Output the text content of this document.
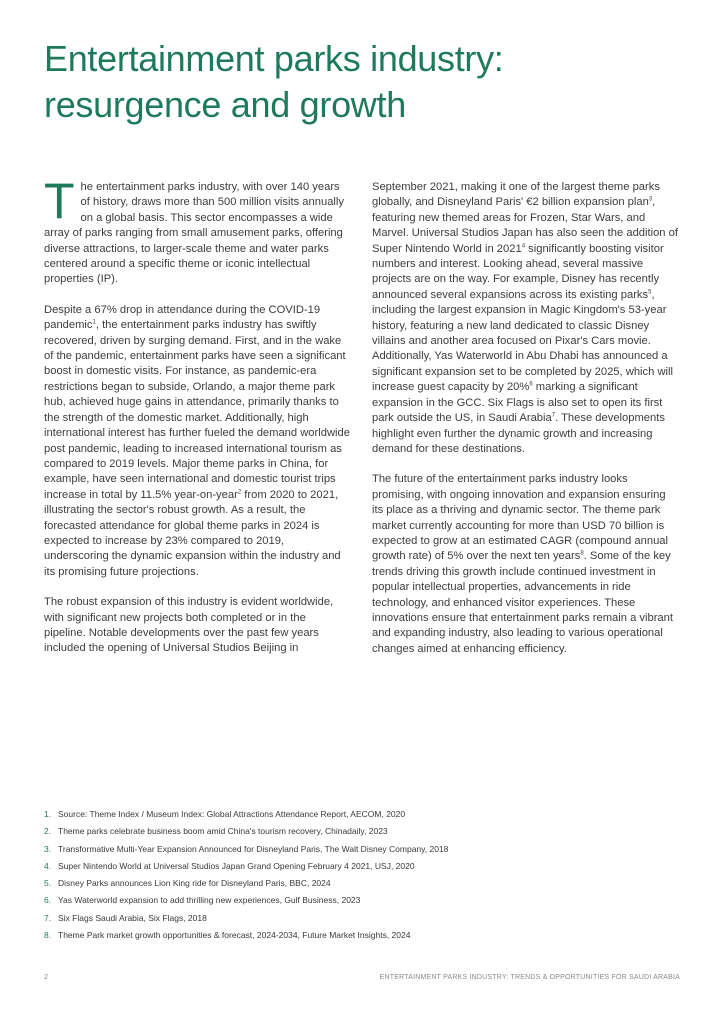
Entertainment parks industry:
resurgence and growth

The entertainment parks industry, with over 140 years of history, draws more than 500 million visits annually on a global basis. This sector encompasses a wide array of parks ranging from small amusement parks, offering diverse attractions, to larger-scale theme and water parks centered around a specific theme or iconic intellectual properties (IP).

Despite a 67% drop in attendance during the COVID-19 pandemic$^1$, the entertainment parks industry has swiftly recovered, driven by surging demand. First, and in the wake of the pandemic, entertainment parks have seen a significant boost in domestic visits. For instance, as pandemic-era restrictions began to subside, Orlando, a major theme park hub, achieved huge gains in attendance, primarily thanks to the strength of the domestic market. Additionally, high international interest has further fueled the demand worldwide post pandemic, leading to increased international tourism as compared to 2019 levels. Major theme parks in China, for example, have seen international and domestic tourist trips increase in total by 11.5% year-on-year$^2$ from 2020 to 2021, illustrating the sector's robust growth. As a result, the forecasted attendance for global theme parks in 2024 is expected to increase by 23% compared to 2019, underscoring the dynamic expansion within the industry and its promising future projections.

The robust expansion of this industry is evident worldwide, with significant new projects both completed or in the pipeline. Notable developments over the past few years included the opening of Universal Studios Beijing in

September 2021, making it one of the largest theme parks globally, and Disneyland Paris' €2 billion expansion plan$^3$, featuring new themed areas for Frozen, Star Wars, and Marvel. Universal Studios Japan has also seen the addition of Super Nintendo World in 2021$^4$ significantly boosting visitor numbers and interest. Looking ahead, several massive projects are on the way. For example, Disney has recently announced several expansions across its existing parks$^5$, including the largest expansion in Magic Kingdom's 53-year history, featuring a new land dedicated to classic Disney villains and another area focused on Pixar's Cars movie. Additionally, Yas Waterworld in Abu Dhabi has announced a significant expansion set to be completed by 2025, which will increase guest capacity by 20%$^6$ marking a significant expansion in the GCC. Six Flags is also set to open its first park outside the US, in Saudi Arabia$^7$. These developments highlight even further the dynamic growth and increasing demand for these destinations.

The future of the entertainment parks industry looks promising, with ongoing innovation and expansion ensuring its place as a thriving and dynamic sector. The theme park market currently accounting for more than USD 70 billion is expected to grow at an estimated CAGR (compound annual growth rate) of 5% over the next ten years$^8$. Some of the key trends driving this growth include continued investment in popular intellectual properties, advancements in ride technology, and enhanced visitor experiences. These innovations ensure that entertainment parks remain a vibrant and expanding industry, also leading to various operational changes aimed at enhancing efficiency.

1. Source: Theme Index / Museum Index: Global Attractions Attendance Report, AECOM, 2020
2. Theme parks celebrate business boom amid China's tourism recovery, Chinadaily, 2023
3. Transformative Multi-Year Expansion Announced for Disneyland Paris, The Walt Disney Company, 2018
4. Super Nintendo World at Universal Studios Japan Grand Opening February 4 2021, USJ, 2020
5. Disney Parks announces Lion King ride for Disneyland Paris, BBC, 2024
6. Yas Waterworld expansion to add thrilling new experiences, Gulf Business, 2023
7. Six Flags Saudi Arabia, Six Flags, 2018
8. Theme Park market growth opportunities & forecast, 2024-2034, Future Market Insights, 2024
2	ENTERTAINMENT PARKS INDUSTRY: TRENDS & OPPORTUNITIES FOR SAUDI ARABIA
